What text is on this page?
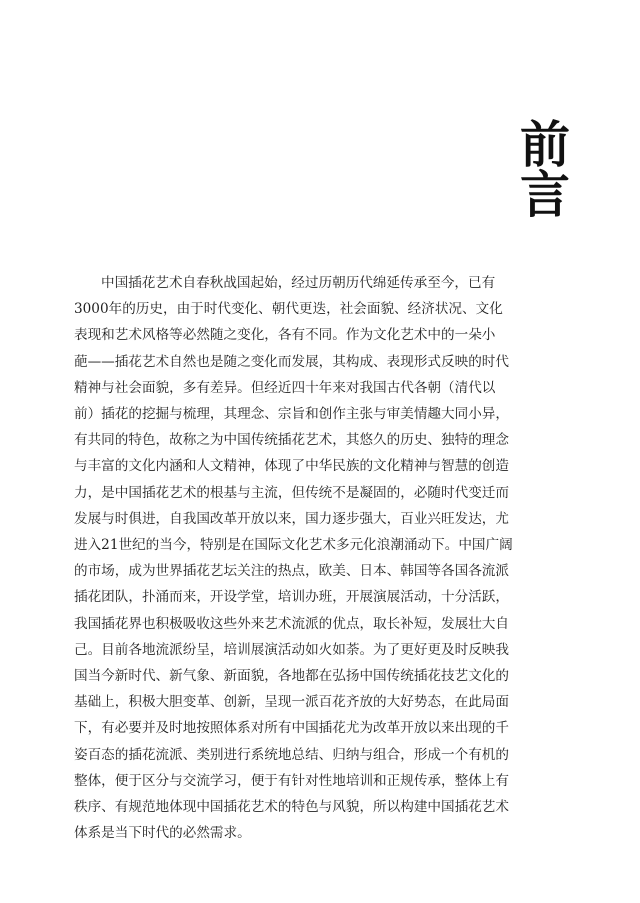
前言
中国插花艺术自春秋战国起始，经过历朝历代绵延传承至今，已有
3000年的历史，由于时代变化、朝代更迭，社会面貌、经济状况、文化
表现和艺术风格等必然随之变化，各有不同。作为文化艺术中的一朵小
葩——插花艺术自然也是随之变化而发展，其构成、表现形式反映的时代
精神与社会面貌，多有差异。但经近四十年来对我国古代各朝（清代以
前）插花的挖掘与梳理，其理念、宗旨和创作主张与审美情趣大同小异，
有共同的特色，故称之为中国传统插花艺术，其悠久的历史、独特的理念
与丰富的文化内涵和人文精神，体现了中华民族的文化精神与智慧的创造
力，是中国插花艺术的根基与主流，但传统不是凝固的，必随时代变迁而
发展与时俱进，自我国改革开放以来，国力逐步强大，百业兴旺发达，尤
进入21世纪的当今，特别是在国际文化艺术多元化浪潮涌动下。中国广阔
的市场，成为世界插花艺坛关注的热点，欧美、日本、韩国等各国各流派
插花团队，扑涌而来，开设学堂，培训办班，开展演展活动，十分活跃，
我国插花界也积极吸收这些外来艺术流派的优点，取长补短，发展壮大自
己。目前各地流派纷呈，培训展演活动如火如荼。为了更好更及时反映我
国当今新时代、新气象、新面貌，各地都在弘扬中国传统插花技艺文化的
基础上，积极大胆变革、创新，呈现一派百花齐放的大好势态，在此局面
下，有必要并及时地按照体系对所有中国插花尤为改革开放以来出现的千
姿百态的插花流派、类别进行系统地总结、归纳与组合，形成一个有机的
整体，便于区分与交流学习，便于有针对性地培训和正规传承，整体上有
秩序、有规范地体现中国插花艺术的特色与风貌，所以构建中国插花艺术
体系是当下时代的必然需求。
